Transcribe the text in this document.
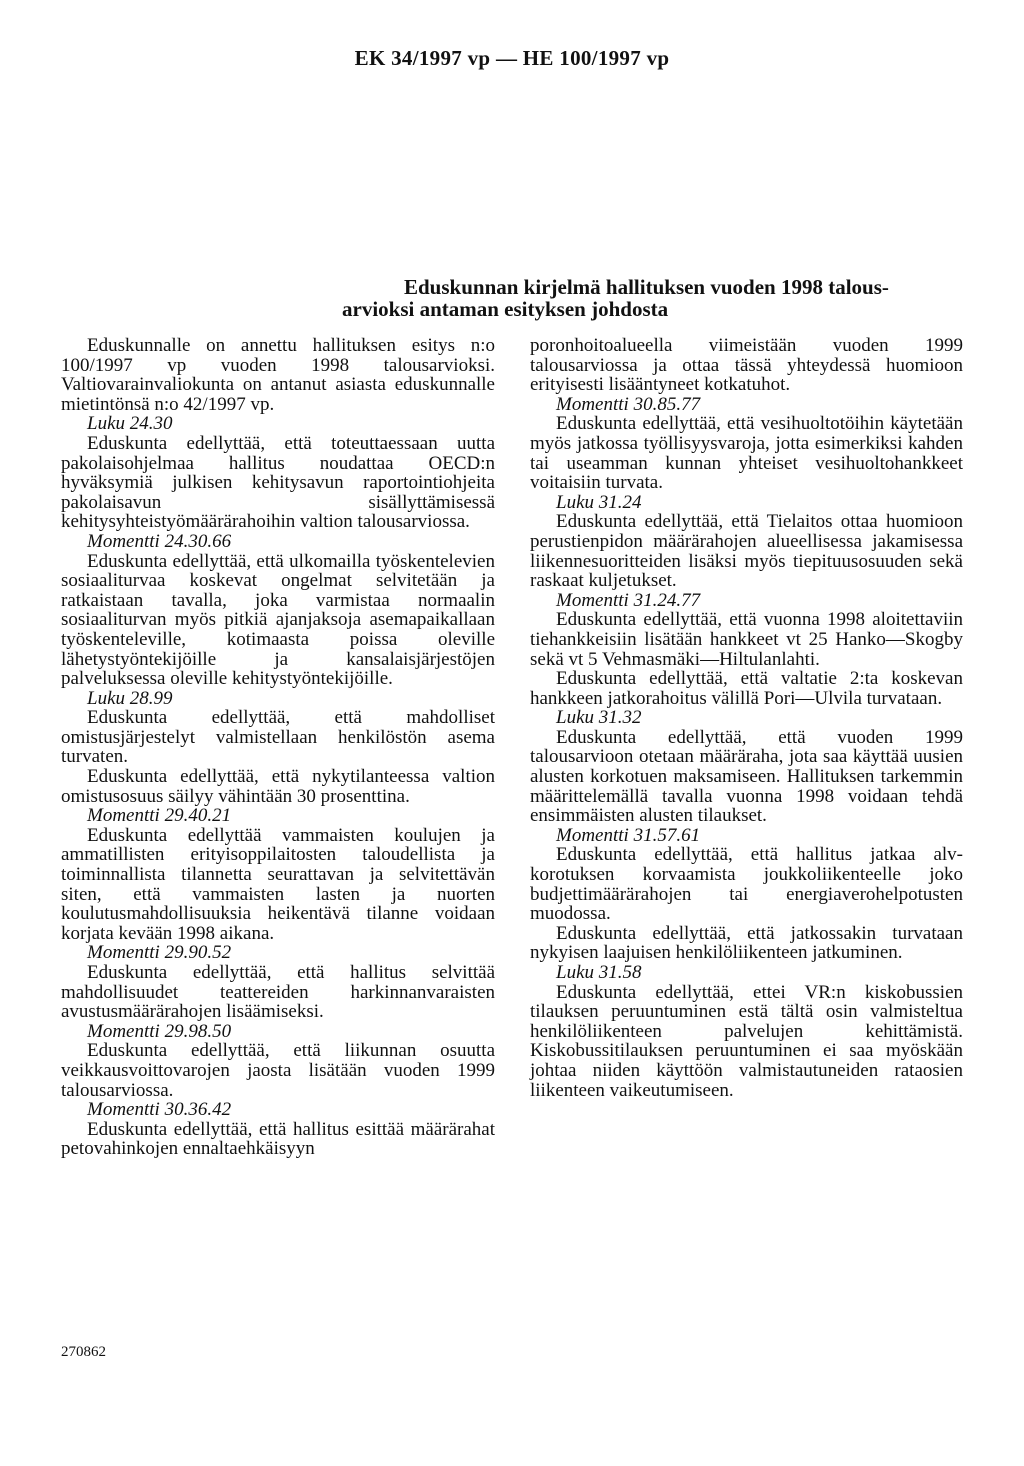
EK 34/1997 vp — HE 100/1997 vp
Eduskunnan kirjelmä hallituksen vuoden 1998 talous-
arvioksi antaman esityksen johdosta

Eduskunnalle on annettu hallituksen esitys n:o 100/1997 vp vuoden 1998 talousarvioksi. Valtiovarainvaliokunta on antanut asiasta eduskunnalle mietintönsä n:o 42/1997 vp.

Luku 24.30

Eduskunta edellyttää, että toteuttaessaan uutta pakolaisohjelmaa hallitus noudattaa OECD:n hyväksymiä julkisen kehitysavun raportointiohjeita pakolaisavun sisällyttämisessä kehitysyhteistyömäärärahoihin valtion talousarviossa.

Momentti 24.30.66

Eduskunta edellyttää, että ulkomailla työskentelevien sosiaaliturvaa koskevat ongelmat selvitetään ja ratkaistaan tavalla, joka varmistaa normaalin sosiaaliturvan myös pitkiä ajanjaksoja asemapaikallaan työskenteleville, kotimaasta poissa oleville lähetystyöntekijöille ja kansalaisjärjestöjen palveluksessa oleville kehitystyöntekijöille.

Luku 28.99

Eduskunta edellyttää, että mahdolliset omistusjärjestelyt valmistellaan henkilöstön asema turvaten.

Eduskunta edellyttää, että nykytilanteessa valtion omistusosuus säilyy vähintään 30 prosenttina.

Momentti 29.40.21

Eduskunta edellyttää vammaisten koulujen ja ammatillisten erityisoppilaitosten taloudellista ja toiminnallista tilannetta seurattavan ja selvitettävän siten, että vammaisten lasten ja nuorten koulutusmahdollisuuksia heikentävä tilanne voidaan korjata kevään 1998 aikana.

Momentti 29.90.52

Eduskunta edellyttää, että hallitus selvittää mahdollisuudet teattereiden harkinnanvaraisten avustusmäärärahojen lisäämiseksi.

Momentti 29.98.50

Eduskunta edellyttää, että liikunnan osuutta veikkausvoittovarojen jaosta lisätään vuoden 1999 talousarviossa.

Momentti 30.36.42

Eduskunta edellyttää, että hallitus esittää määrärahat petovahinkojen ennaltaehkäisyyn

poronhoitoalueella viimeistään vuoden 1999 talousarviossa ja ottaa tässä yhteydessä huomioon erityisesti lisääntyneet kotkatuhot.

Momentti 30.85.77

Eduskunta edellyttää, että vesihuoltotöihin käytetään myös jatkossa työllisyysvaroja, jotta esimerkiksi kahden tai useamman kunnan yhteiset vesihuoltohankkeet voitaisiin turvata.

Luku 31.24

Eduskunta edellyttää, että Tielaitos ottaa huomioon perustienpidon määrärahojen alueellisessa jakamisessa liikennesuoritteiden lisäksi myös tiepituusosuuden sekä raskaat kuljetukset.

Momentti 31.24.77

Eduskunta edellyttää, että vuonna 1998 aloitettaviin tiehankkeisiin lisätään hankkeet vt 25 Hanko—Skogby sekä vt 5 Vehmasmäki—Hiltulanlahti.

Eduskunta edellyttää, että valtatie 2:ta koskevan hankkeen jatkorahoitus välillä Pori—Ulvila turvataan.

Luku 31.32

Eduskunta edellyttää, että vuoden 1999 talousarvioon otetaan määräraha, jota saa käyttää uusien alusten korkotuen maksamiseen. Hallituksen tarkemmin määrittelemällä tavalla vuonna 1998 voidaan tehdä ensimmäisten alusten tilaukset.

Momentti 31.57.61

Eduskunta edellyttää, että hallitus jatkaa alv-korotuksen korvaamista joukkoliikenteelle joko budjettimäärärahojen tai energiaverohelpotusten muodossa.

Eduskunta edellyttää, että jatkossakin turvataan nykyisen laajuisen henkilöliikenteen jatkuminen.

Luku 31.58

Eduskunta edellyttää, ettei VR:n kiskobussien tilauksen peruuntuminen estä tältä osin valmisteltua henkilöliikenteen palvelujen kehittämistä. Kiskobussitilauksen peruuntuminen ei saa myöskään johtaa niiden käyttöön valmistautuneiden rataosien liikenteen vaikeutumiseen.

270862
